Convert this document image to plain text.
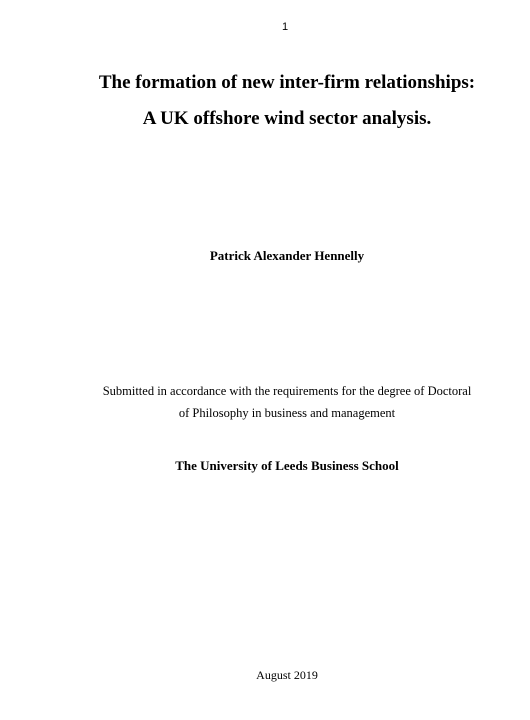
1
The formation of new inter-firm relationships:
A UK offshore wind sector analysis.
Patrick Alexander Hennelly
Submitted in accordance with the requirements for the degree of Doctoral
of Philosophy in business and management
The University of Leeds Business School
August 2019
